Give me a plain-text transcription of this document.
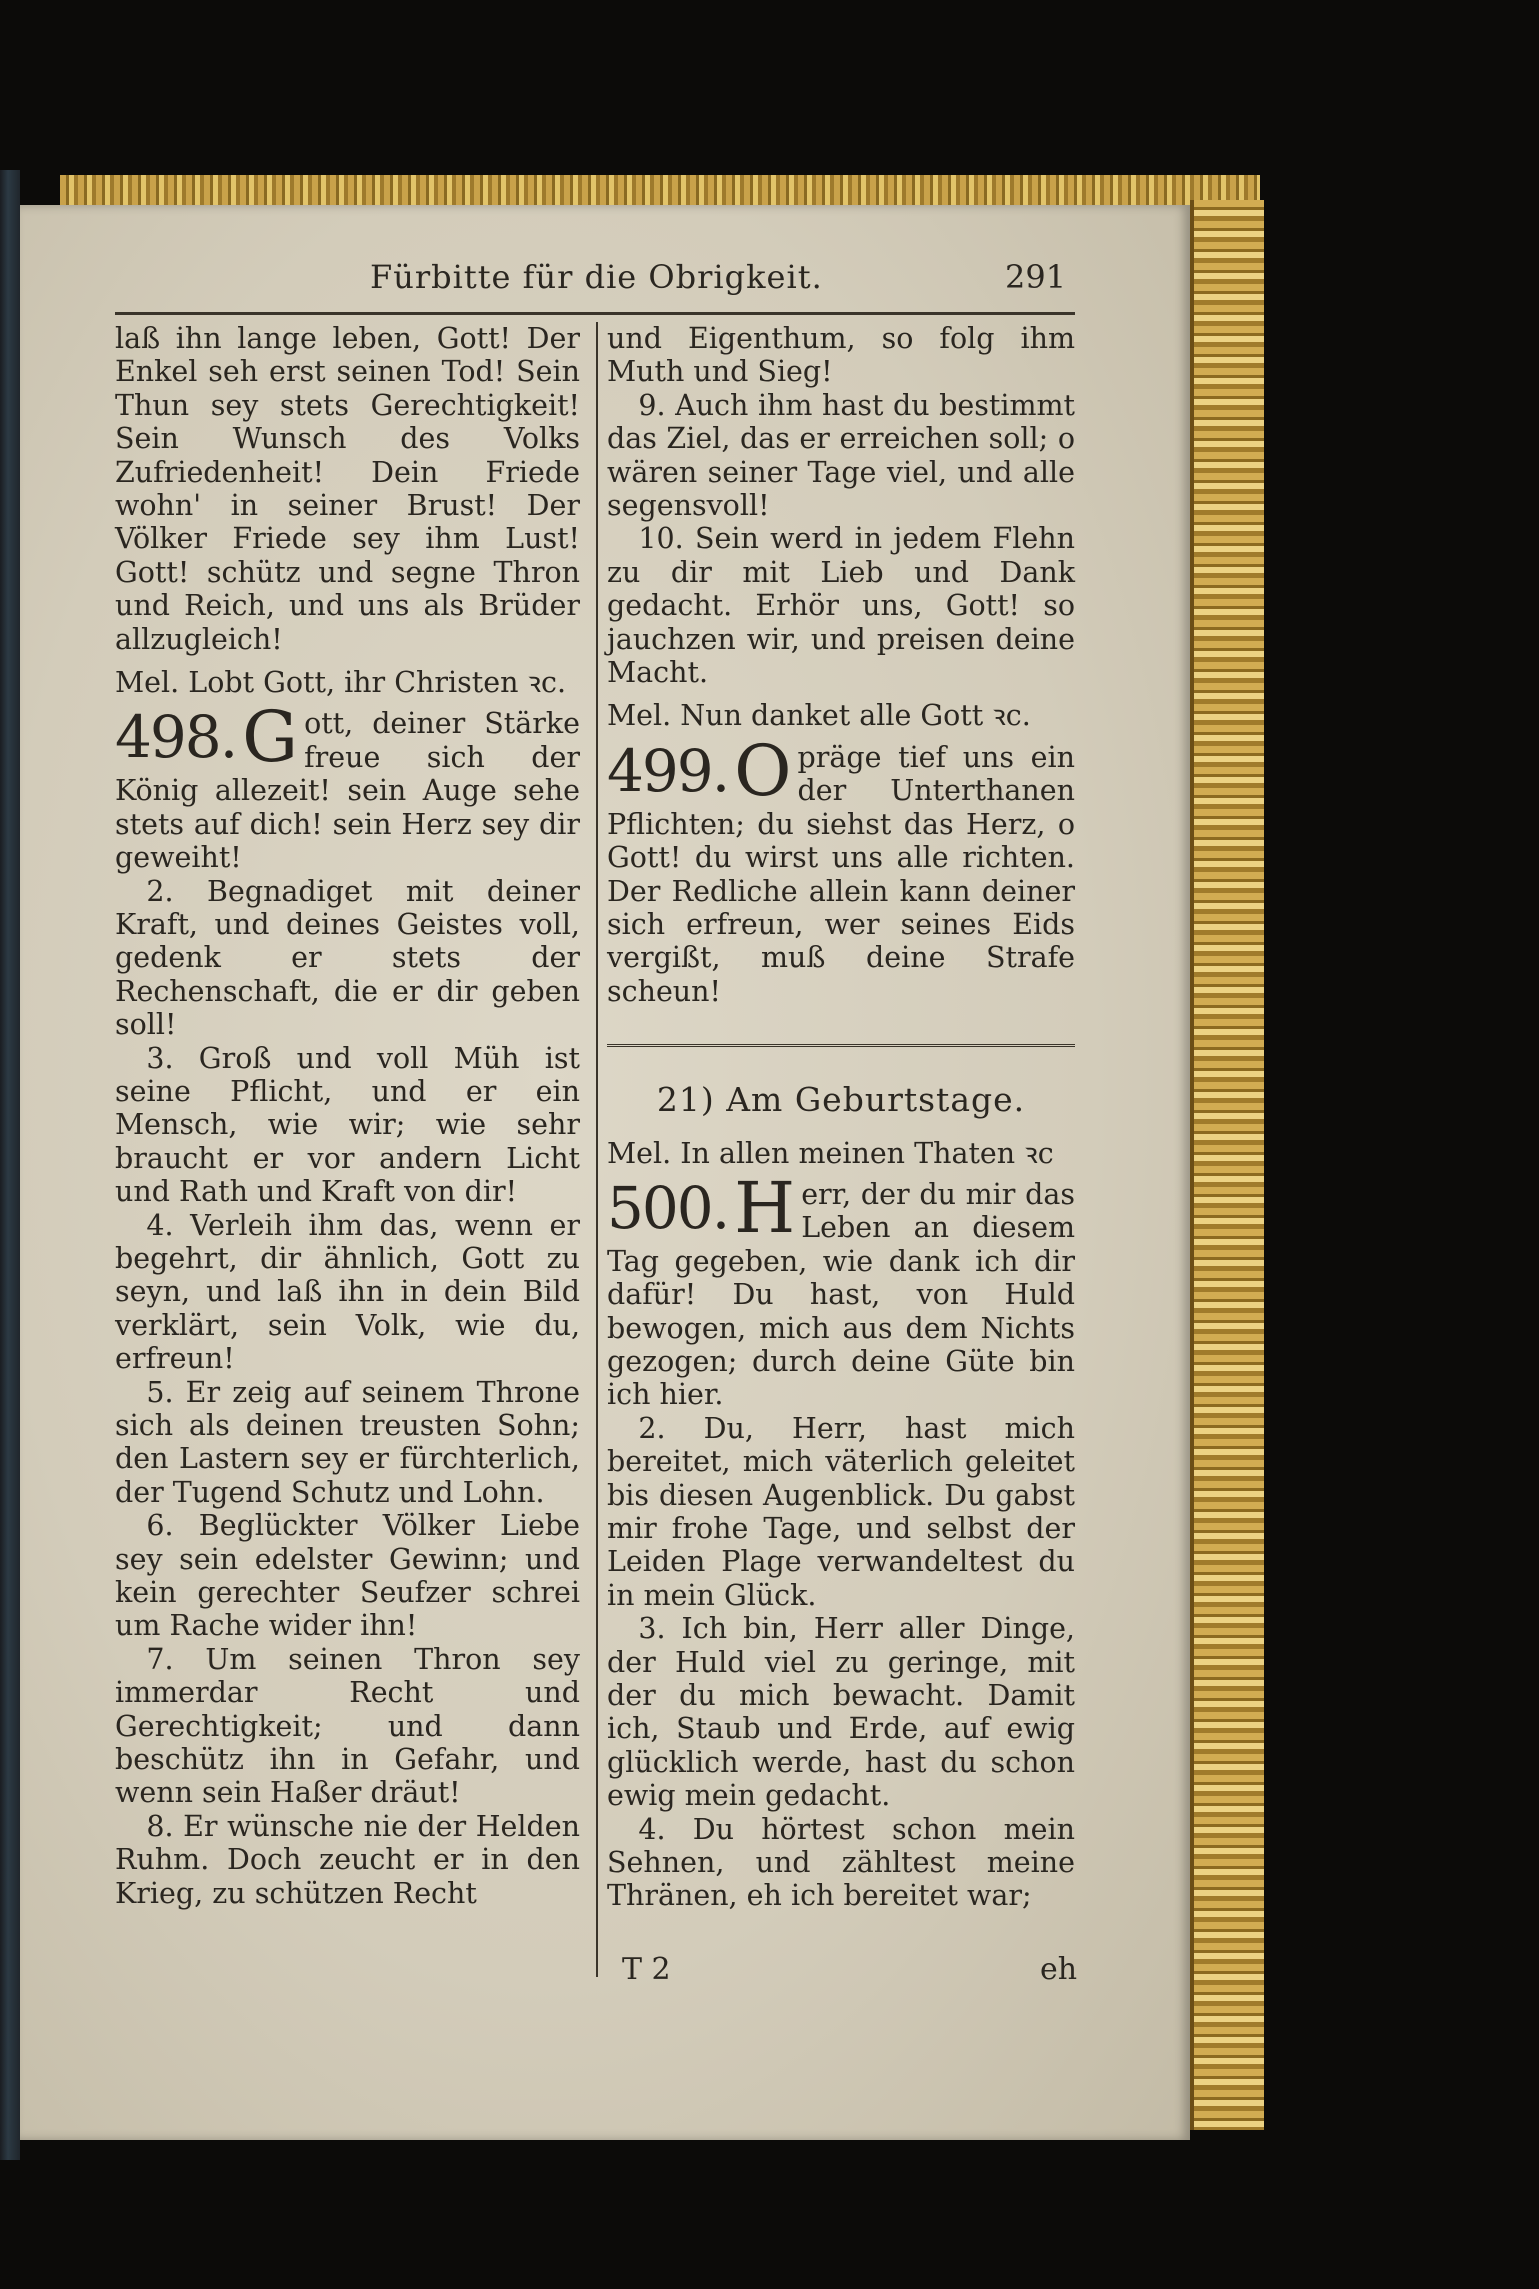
Fürbitte für die Obrigkeit.	291

laß ihn lange leben, Gott! Der Enkel seh erst seinen Tod! Sein Thun sey stets Gerechtigkeit! Sein Wunsch des Volks Zufriedenheit! Dein Friede wohn' in seiner Brust! Der Völker Friede sey ihm Lust! Gott! schütz und segne Thron und Reich, und uns als Brüder allzugleich!

Mel. Lobt Gott, ihr Christen ꝛc.

498. G ott, deiner Stärke freue sich der König allezeit! sein Auge sehe stets auf dich! sein Herz sey dir geweiht!

2. Begnadiget mit deiner Kraft, und deines Geistes voll, gedenk er stets der Rechenschaft, die er dir geben soll!

3. Groß und voll Müh ist seine Pflicht, und er ein Mensch, wie wir; wie sehr braucht er vor andern Licht und Rath und Kraft von dir!

4. Verleih ihm das, wenn er begehrt, dir ähnlich, Gott zu seyn, und laß ihn in dein Bild verklärt, sein Volk, wie du, erfreun!

5. Er zeig auf seinem Throne sich als deinen treusten Sohn; den Lastern sey er fürchterlich, der Tugend Schutz und Lohn.

6. Beglückter Völker Liebe sey sein edelster Gewinn; und kein gerechter Seufzer schrei um Rache wider ihn!

7. Um seinen Thron sey immerdar Recht und Gerechtigkeit; und dann beschütz ihn in Gefahr, und wenn sein Haßer dräut!

8. Er wünsche nie der Helden Ruhm. Doch zeucht er in den Krieg, zu schützen Recht

und Eigenthum, so folg ihm Muth und Sieg!

9. Auch ihm hast du bestimmt das Ziel, das er erreichen soll; o wären seiner Tage viel, und alle segensvoll!

10. Sein werd in jedem Flehn zu dir mit Lieb und Dank gedacht. Erhör uns, Gott! so jauchzen wir, und preisen deine Macht.

Mel. Nun danket alle Gott ꝛc.

499. O präge tief uns ein der Unterthanen Pflichten; du siehst das Herz, o Gott! du wirst uns alle richten. Der Redliche allein kann deiner sich erfreun, wer seines Eids vergißt, muß deine Strafe scheun!

21) Am Geburtstage.

Mel. In allen meinen Thaten ꝛc

500. H err, der du mir das Leben an diesem Tag gegeben, wie dank ich dir dafür! Du hast, von Huld bewogen, mich aus dem Nichts gezogen; durch deine Güte bin ich hier.

2. Du, Herr, hast mich bereitet, mich väterlich geleitet bis diesen Augenblick. Du gabst mir frohe Tage, und selbst der Leiden Plage verwandeltest du in mein Glück.

3. Ich bin, Herr aller Dinge, der Huld viel zu geringe, mit der du mich bewacht. Damit ich, Staub und Erde, auf ewig glücklich werde, hast du schon ewig mein gedacht.

4. Du hörtest schon mein Sehnen, und zähltest meine Thränen, eh ich bereitet war;

T 2	eh
